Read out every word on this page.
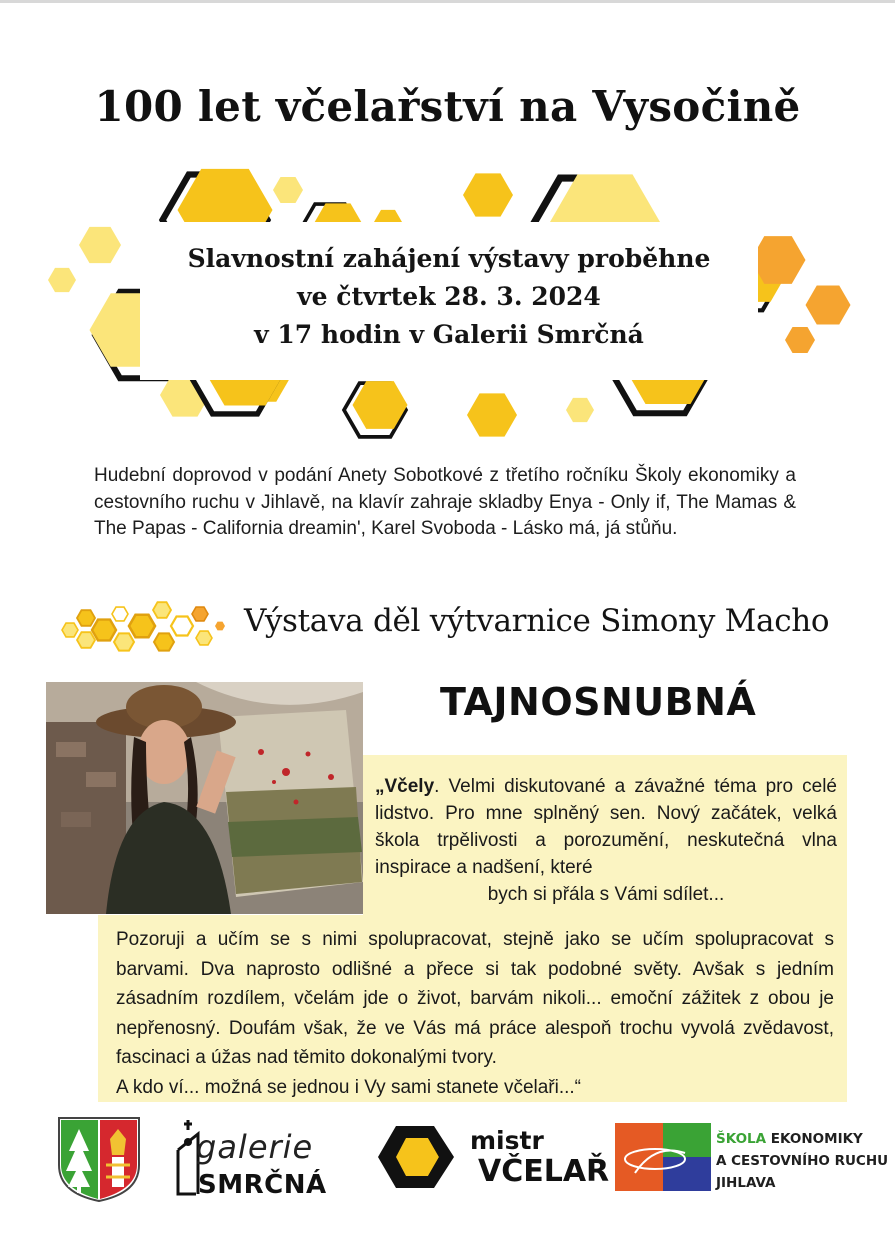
100 let včelařství na Vysočině
Slavnostní zahájení výstavy proběhne
ve čtvrtek 28. 3. 2024
v 17 hodin v Galerii Smrčná
Hudební doprovod v podání Anety Sobotkové z třetího ročníku Školy ekonomiky a cestovního ruchu v Jihlavě, na klavír zahraje skladby Enya - Only if, The Mamas & The Papas - California dreamin', Karel Svoboda - Lásko má, já stůňu.
Výstava děl výtvarnice Simony Macho
TAJNOSNUBNÁ
„Včely. Velmi diskutované a závažné téma pro celé lidstvo. Pro mne splněný sen. Nový začátek, velká škola trpělivosti a porozumění, neskutečná vlna inspirace a nadšení, které
bych si přála s Vámi sdílet...
Pozoruji a učím se s nimi spolupracovat, stejně jako se učím spolupracovat s barvami. Dva naprosto odlišné a přece si tak podobné světy. Avšak s jedním zásadním rozdílem, včelám jde o život, barvám nikoli... emoční zážitek z obou je nepřenosný. Doufám však, že ve Vás má práce alespoň trochu vyvolá zvědavost, fascinaci a úžas nad těmito dokonalými tvory.
A kdo ví... možná se jednou i Vy sami stanete včelaři...“
galerie
SMRČNÁ
mistr
VČELAŘ
ŠKOLA EKONOMIKY
A CESTOVNÍHO RUCHU
JIHLAVA
